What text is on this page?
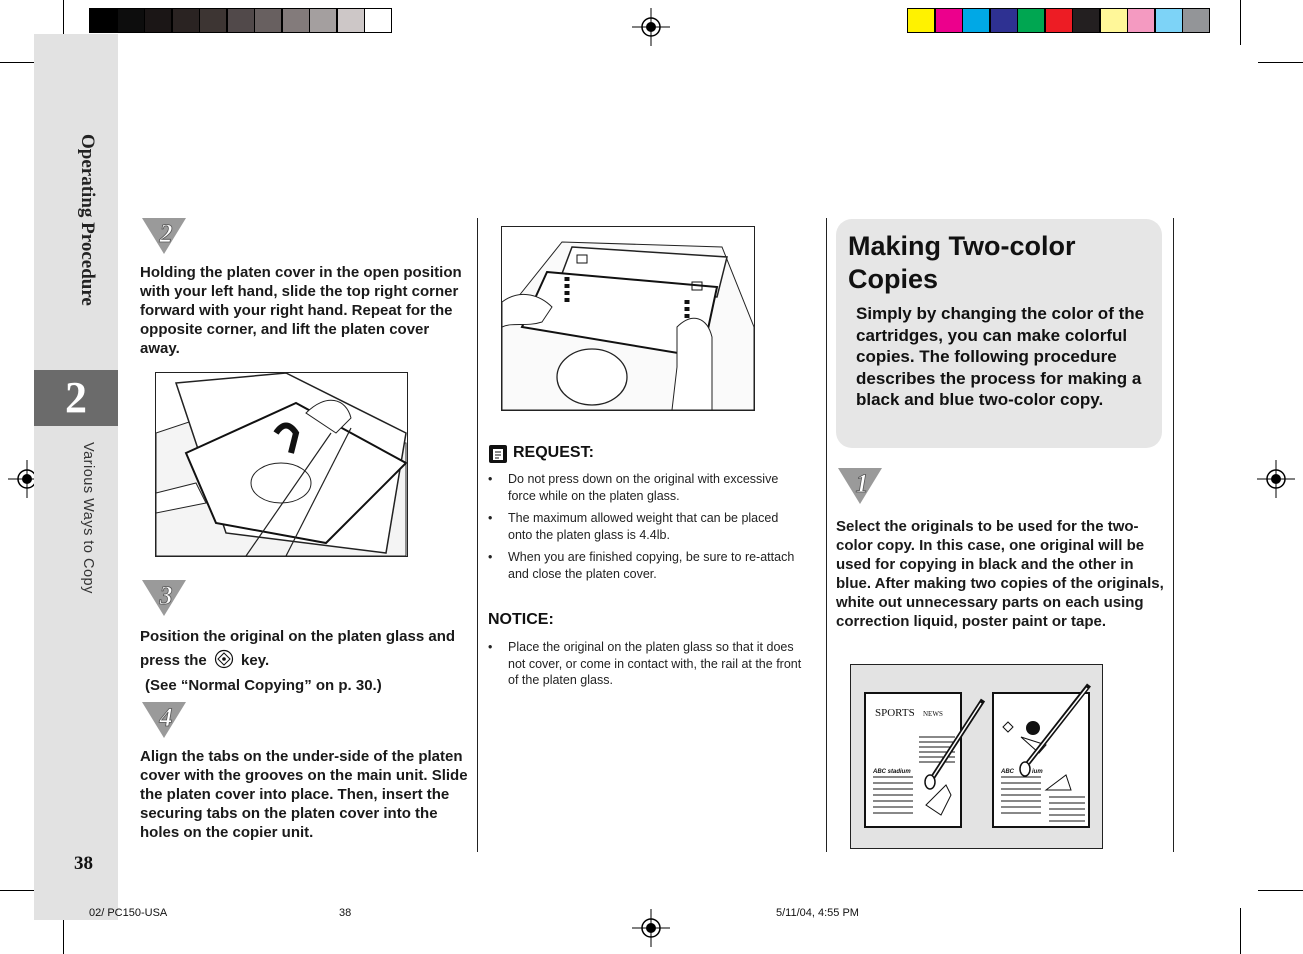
Operating Procedure
2
Various Ways to Copy
38
2
Holding the platen cover in the open position with your left hand, slide the top right corner forward with your right hand. Repeat for the opposite corner, and lift the platen cover away.
3
Position the original on the platen glass and press the key.
(See “Normal Copying” on p. 30.)
4
Align the tabs on the under-side of the platen cover with the grooves on the main unit. Slide the platen cover into place. Then, insert the securing tabs on the platen cover into the holes on the copier unit.
REQUEST:
• Do not press down on the original with excessive force while on the platen glass.
• The maximum allowed weight that can be placed onto the platen glass is 4.4lb.
• When you are finished copying, be sure to re-attach and close the platen cover.
NOTICE:
• Place the original on the platen glass so that it does not cover, or come in contact with, the rail at the front of the platen glass.
Making Two-color Copies
Simply by changing the color of the cartridges, you can make colorful copies. The following procedure describes the process for making a black and blue two-color copy.
1
Select the originals to be used for the two-color copy. In this case, one original will be used for copying in black and the other in blue. After making two copies of the originals, white out unnecessary parts on each using correction liquid, poster paint or tape.
SPORTS NEWS
ABC stadium	ABC	ium
02/ PC150-USA	38	5/11/04, 4:55 PM
